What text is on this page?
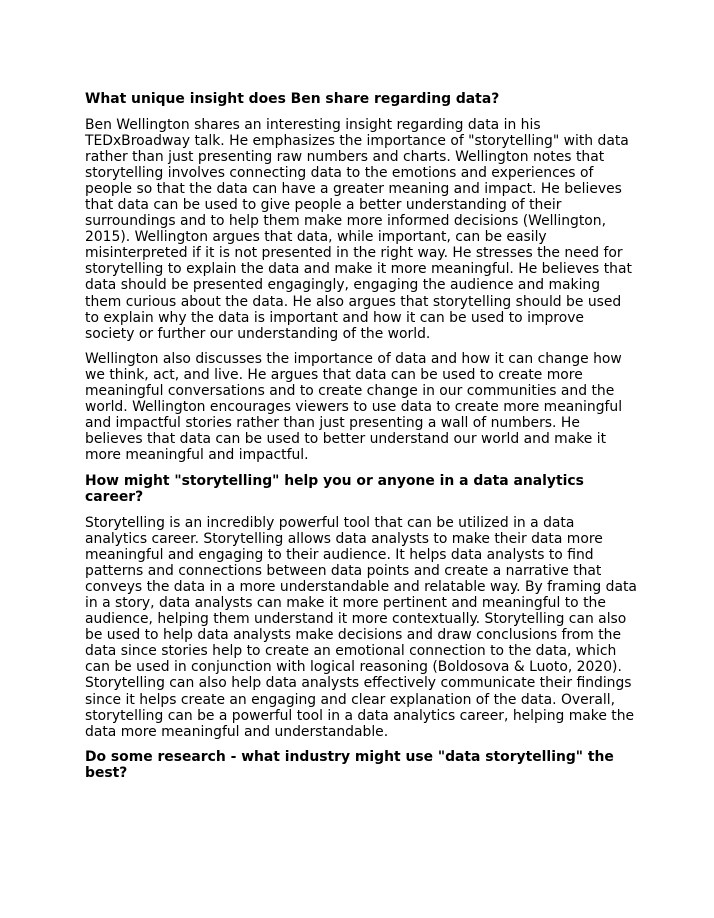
What unique insight does Ben share regarding data?
Ben Wellington shares an interesting insight regarding data in his TEDxBroadway talk. He emphasizes the importance of "storytelling" with data rather than just presenting raw numbers and charts. Wellington notes that storytelling involves connecting data to the emotions and experiences of people so that the data can have a greater meaning and impact. He believes that data can be used to give people a better understanding of their surroundings and to help them make more informed decisions (Wellington, 2015). Wellington argues that data, while important, can be easily misinterpreted if it is not presented in the right way. He stresses the need for storytelling to explain the data and make it more meaningful. He believes that data should be presented engagingly, engaging the audience and making them curious about the data. He also argues that storytelling should be used to explain why the data is important and how it can be used to improve society or further our understanding of the world.
Wellington also discusses the importance of data and how it can change how we think, act, and live. He argues that data can be used to create more meaningful conversations and to create change in our communities and the world. Wellington encourages viewers to use data to create more meaningful and impactful stories rather than just presenting a wall of numbers. He believes that data can be used to better understand our world and make it more meaningful and impactful.
How might "storytelling" help you or anyone in a data analytics career?
Storytelling is an incredibly powerful tool that can be utilized in a data analytics career. Storytelling allows data analysts to make their data more meaningful and engaging to their audience. It helps data analysts to find patterns and connections between data points and create a narrative that conveys the data in a more understandable and relatable way. By framing data in a story, data analysts can make it more pertinent and meaningful to the audience, helping them understand it more contextually. Storytelling can also be used to help data analysts make decisions and draw conclusions from the data since stories help to create an emotional connection to the data, which can be used in conjunction with logical reasoning (Boldosova & Luoto, 2020). Storytelling can also help data analysts effectively communicate their findings since it helps create an engaging and clear explanation of the data. Overall, storytelling can be a powerful tool in a data analytics career, helping make the data more meaningful and understandable.
Do some research - what industry might use "data storytelling" the best?
